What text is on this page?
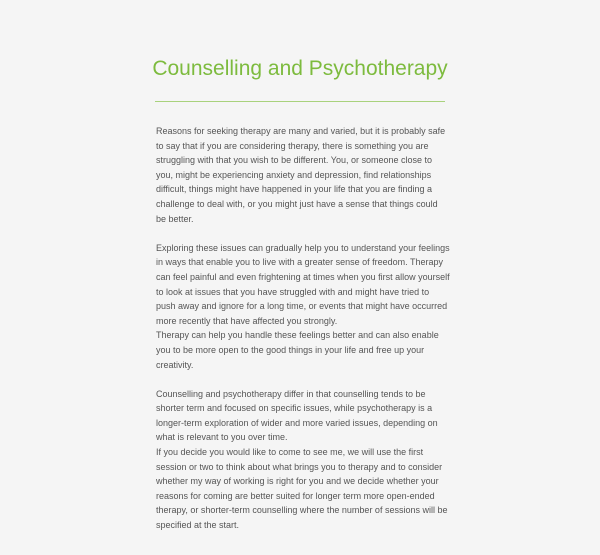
Counselling and Psychotherapy

Reasons for seeking therapy are many and varied, but it is probably safe to say that if you are considering therapy, there is something you are struggling with that you wish to be different. You, or someone close to you, might be experiencing anxiety and depression, find relationships difficult, things might have happened in your life that you are finding a challenge to deal with, or you might just have a sense that things could be better.

Exploring these issues can gradually help you to understand your feelings in ways that enable you to live with a greater sense of freedom. Therapy can feel painful and even frightening at times when you first allow yourself to look at issues that you have struggled with and might have tried to push away and ignore for a long time, or events that might have occurred more recently that have affected you strongly.

Therapy can help you handle these feelings better and can also enable you to be more open to the good things in your life and free up your creativity.

Counselling and psychotherapy differ in that counselling tends to be shorter term and focused on specific issues, while psychotherapy is a longer-term exploration of wider and more varied issues, depending on what is relevant to you over time.

If you decide you would like to come to see me, we will use the first session or two to think about what brings you to therapy and to consider whether my way of working is right for you and we decide whether your reasons for coming are better suited for longer term more open-ended therapy, or shorter-term counselling where the number of sessions will be specified at the start.
